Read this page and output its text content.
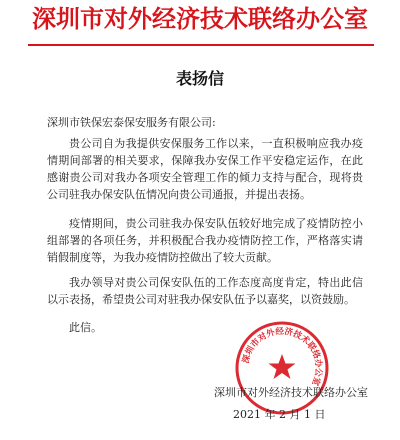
深圳市对外经济技术联络办公室
表扬信
深圳市铁保宏泰保安服务有限公司:

贵公司自为我提供安保服务工作以来，一直积极响应我办疫情期间部署的相关要求，保障我办安保工作平安稳定运作，在此感谢贵公司对我办各项安全管理工作的倾力支持与配合，现将贵公司驻我办保安队伍情况向贵公司通报，并提出表扬。

疫情期间，贵公司驻我办保安队伍较好地完成了疫情防控小组部署的各项任务，并积极配合我办疫情防控工作，严格落实请销假制度等，为我办疫情防控做出了较大贡献。

我办领导对贵公司保安队伍的工作态度高度肯定，特出此信以示表扬，希望贵公司对驻我办保安队伍予以嘉奖，以资鼓励。

此信。

深圳市对外经济技术联络办公室
深圳市对外经济技术联络办公室
2021 年 2 月 1 日
